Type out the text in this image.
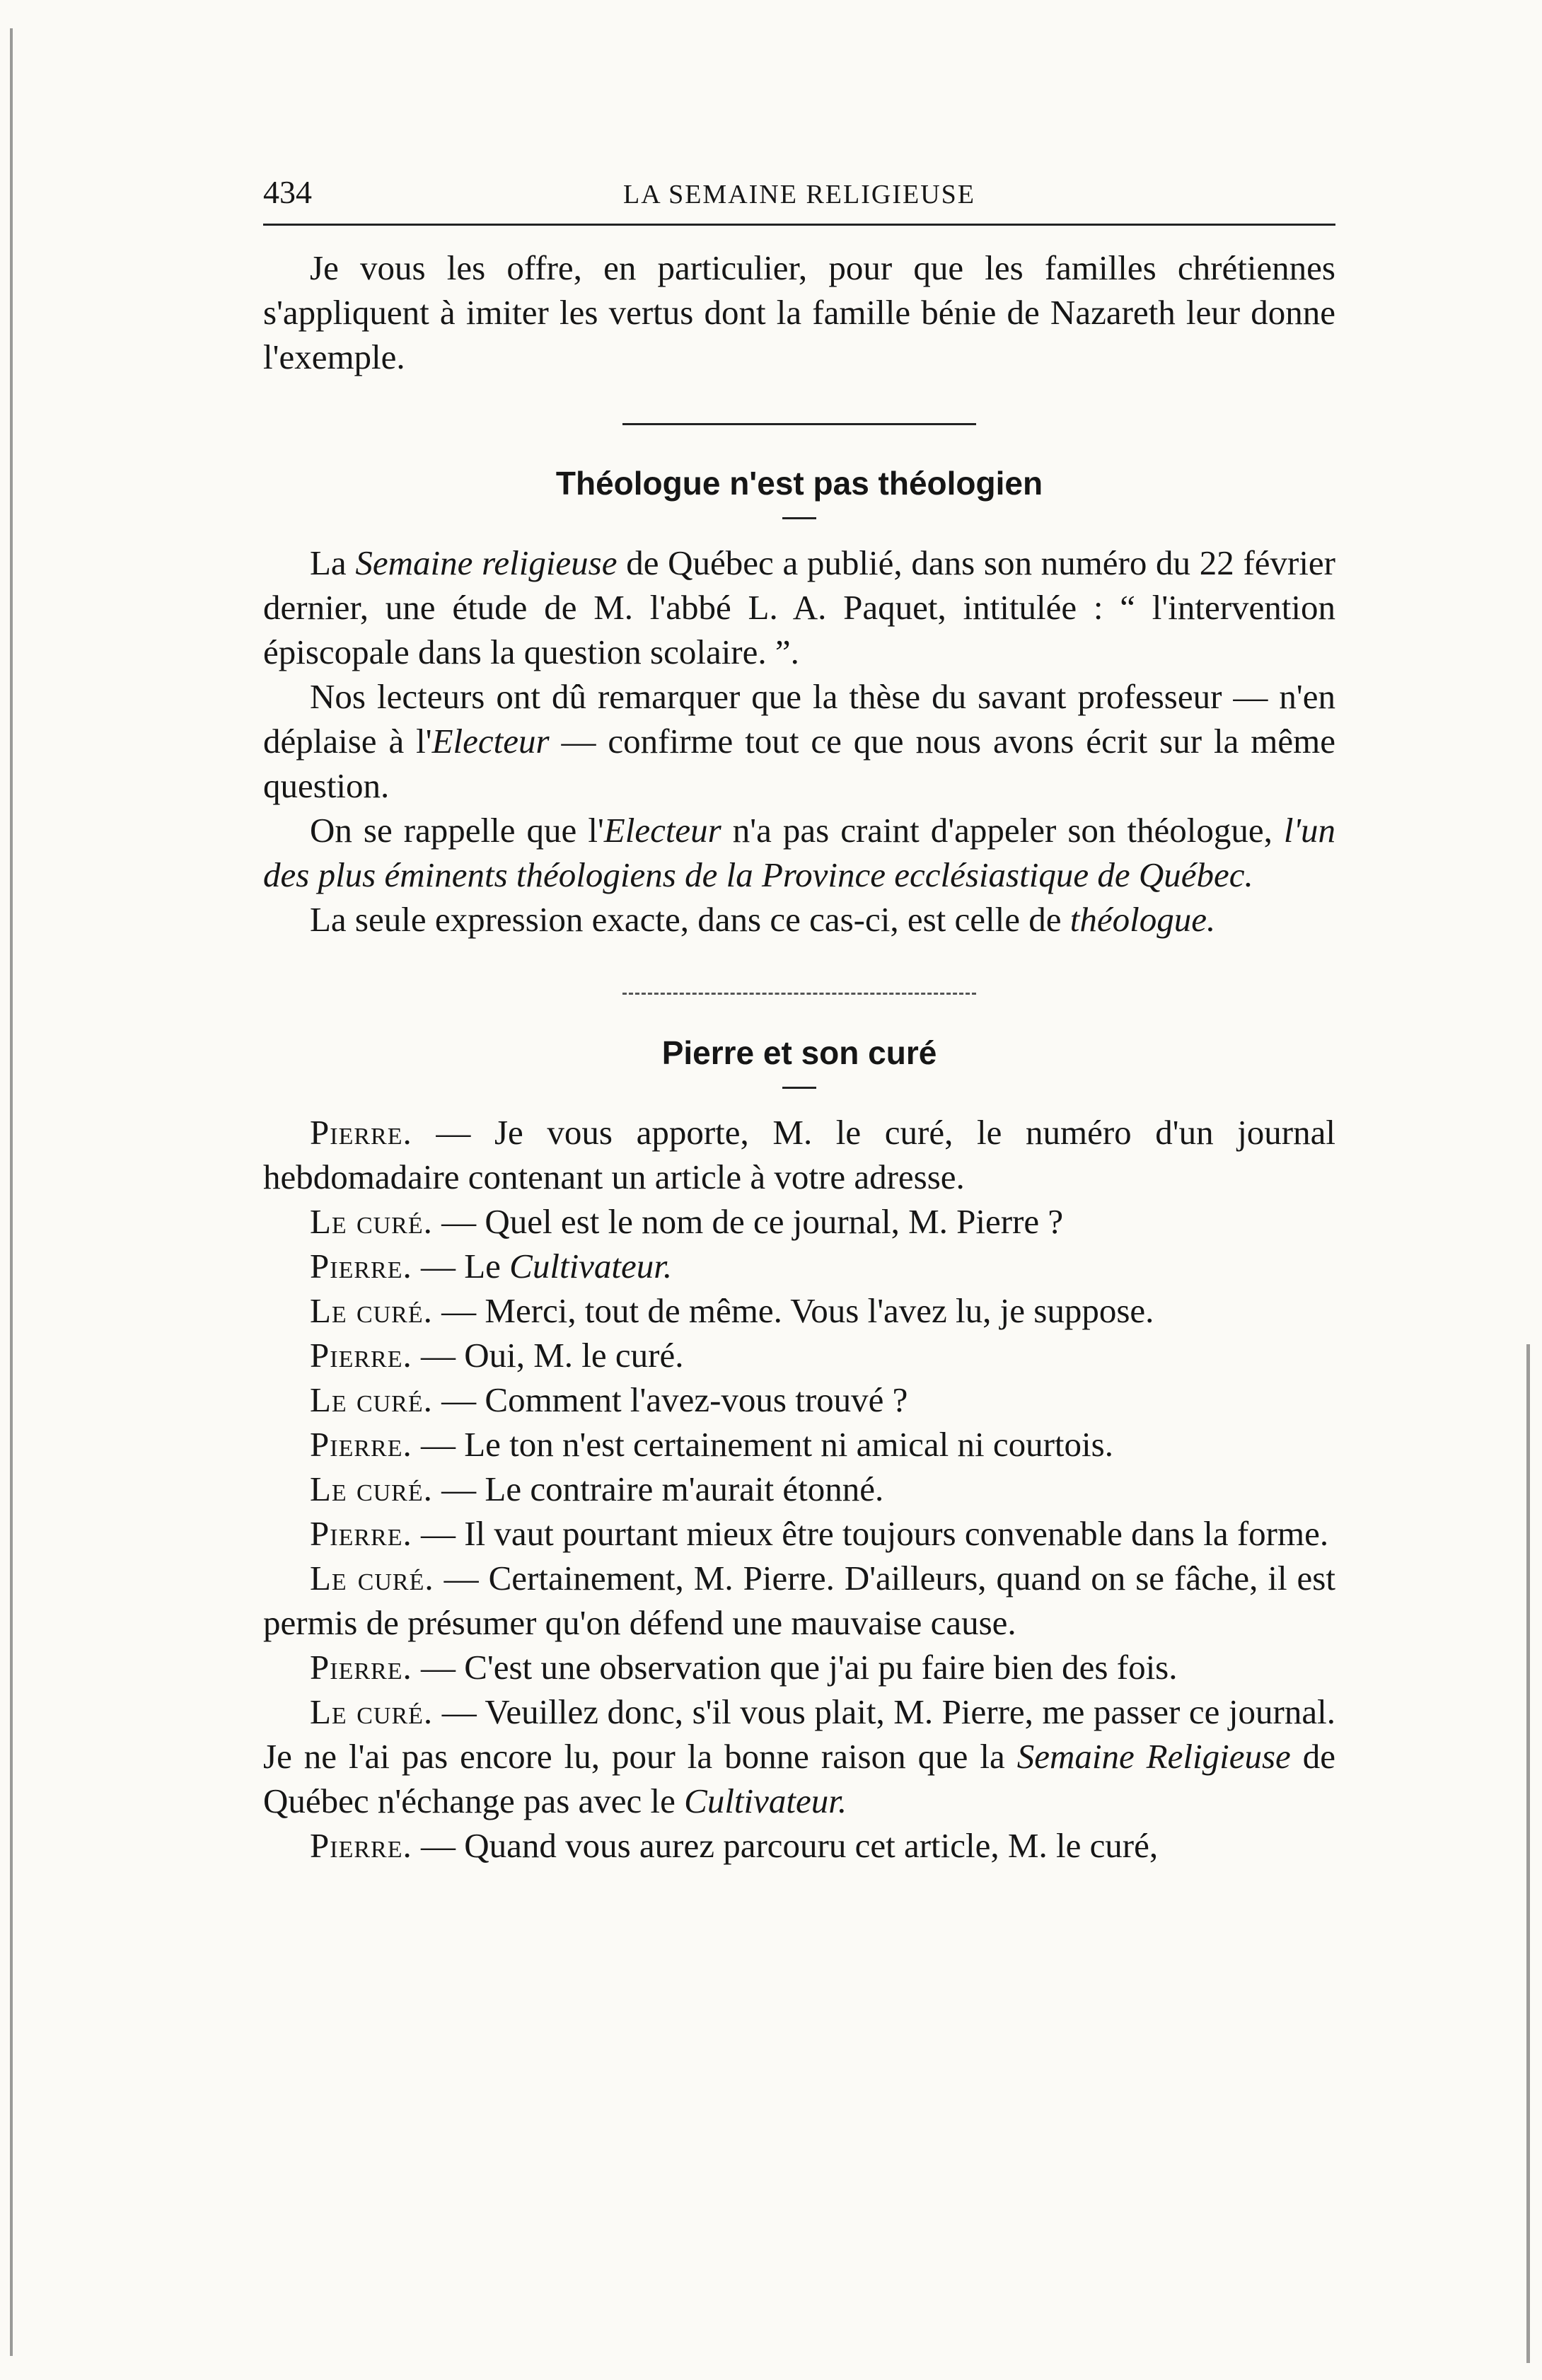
434	LA SEMAINE RELIGIEUSE

Je vous les offre, en particulier, pour que les familles chrétiennes s'appliquent à imiter les vertus dont la famille bénie de Nazareth leur donne l'exemple.

Théologue n'est pas théologien

La Semaine religieuse de Québec a publié, dans son numéro du 22 février dernier, une étude de M. l'abbé L. A. Paquet, intitulée : “ l'intervention épiscopale dans la question scolaire. ”.

Nos lecteurs ont dû remarquer que la thèse du savant professeur — n'en déplaise à l'Electeur — confirme tout ce que nous avons écrit sur la même question.

On se rappelle que l'Electeur n'a pas craint d'appeler son théologue, l'un des plus éminents théologiens de la Province ecclésiastique de Québec.

La seule expression exacte, dans ce cas-ci, est celle de théologue.

Pierre et son curé

Pierre. — Je vous apporte, M. le curé, le numéro d'un journal hebdomadaire contenant un article à votre adresse.

Le curé. — Quel est le nom de ce journal, M. Pierre ?

Pierre. — Le Cultivateur.

Le curé. — Merci, tout de même. Vous l'avez lu, je suppose.

Pierre. — Oui, M. le curé.

Le curé. — Comment l'avez-vous trouvé ?

Pierre. — Le ton n'est certainement ni amical ni courtois.

Le curé. — Le contraire m'aurait étonné.

Pierre. — Il vaut pourtant mieux être toujours convenable dans la forme.

Le curé. — Certainement, M. Pierre. D'ailleurs, quand on se fâche, il est permis de présumer qu'on défend une mauvaise cause.

Pierre. — C'est une observation que j'ai pu faire bien des fois.

Le curé. — Veuillez donc, s'il vous plait, M. Pierre, me passer ce journal. Je ne l'ai pas encore lu, pour la bonne raison que la Semaine Religieuse de Québec n'échange pas avec le Cultivateur.

Pierre. — Quand vous aurez parcouru cet article, M. le curé,
